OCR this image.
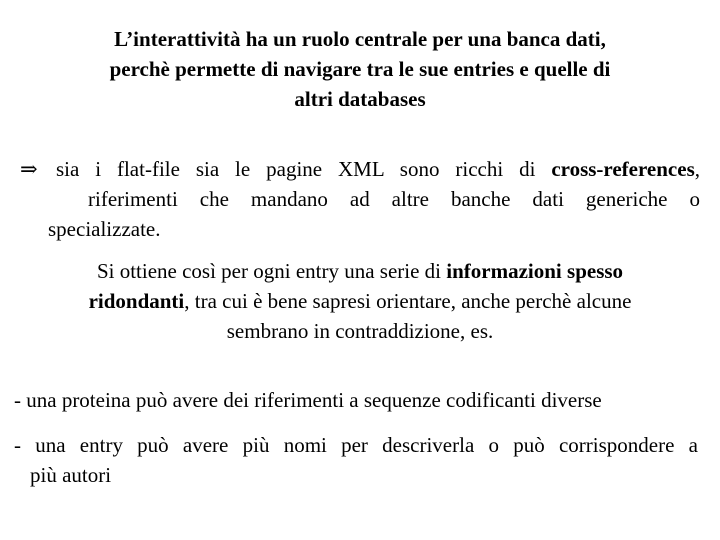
L’interattività ha un ruolo centrale per una banca dati,
perchè permette di navigare tra le sue entries e quelle di
altri databases
⇒ sia i flat-file sia le pagine XML sono ricchi di cross-references,
riferimenti che mandano ad altre banche dati generiche o
specializzate.
Si ottiene così per ogni entry una serie di informazioni spesso
ridondanti, tra cui è bene sapresi orientare, anche perchè alcune
sembrano in contraddizione, es.
- una proteina può avere dei riferimenti a sequenze codificanti diverse
- una entry può avere più nomi per descriverla o può corrispondere a
più autori
